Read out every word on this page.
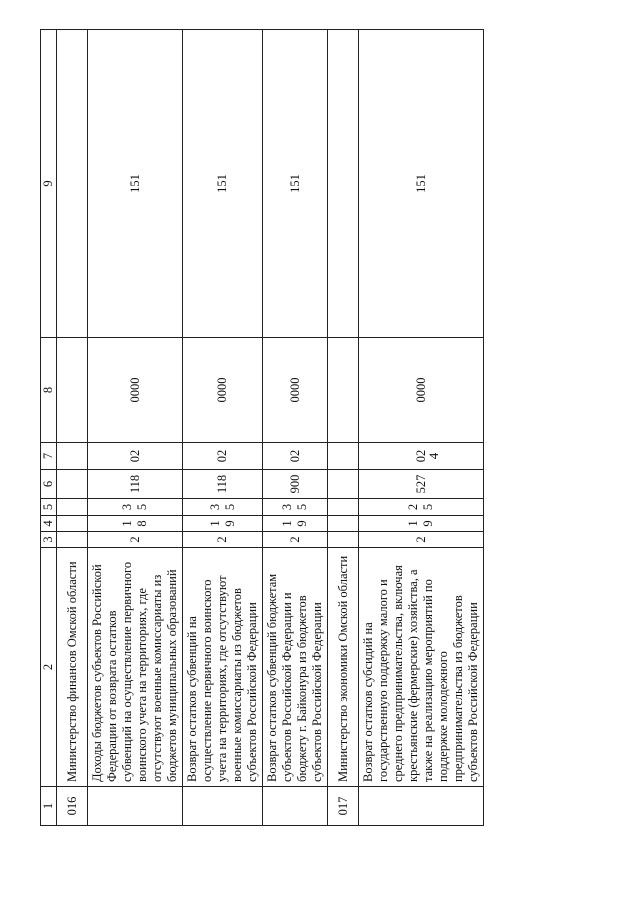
4
1	2	3	4	5	6	7	8	9
016	Министерство финансов Омской области							
	Доходы бюджетов субъектов Российской Федерации от возврата остатков субвенций на осуществление первичного воинского учета на территориях, где отсутствуют военные комиссариаты из бюджетов муниципальных образований	2	18	35	118	02	0000	151
	Возврат остатков субвенций на осуществление первичного воинского учета на территориях, где отсутствуют военные комиссариаты из бюджетов субъектов Российской Федерации	2	19	35	118	02	0000	151
	Возврат остатков субвенций бюджетам субъектов Российской Федерации и бюджету г. Байконура из бюджетов субъектов Российской Федерации	2	19	35	900	02	0000	151
017	Министерство экономики Омской области							
	Возврат остатков субсидий на государственную поддержку малого и среднего предпринимательства, включая крестьянские (фермерские) хозяйства, а также на реализацию мероприятий по поддержке молодежного предпринимательства из бюджетов субъектов Российской Федерации	2	19	25	527	02	0000	151
